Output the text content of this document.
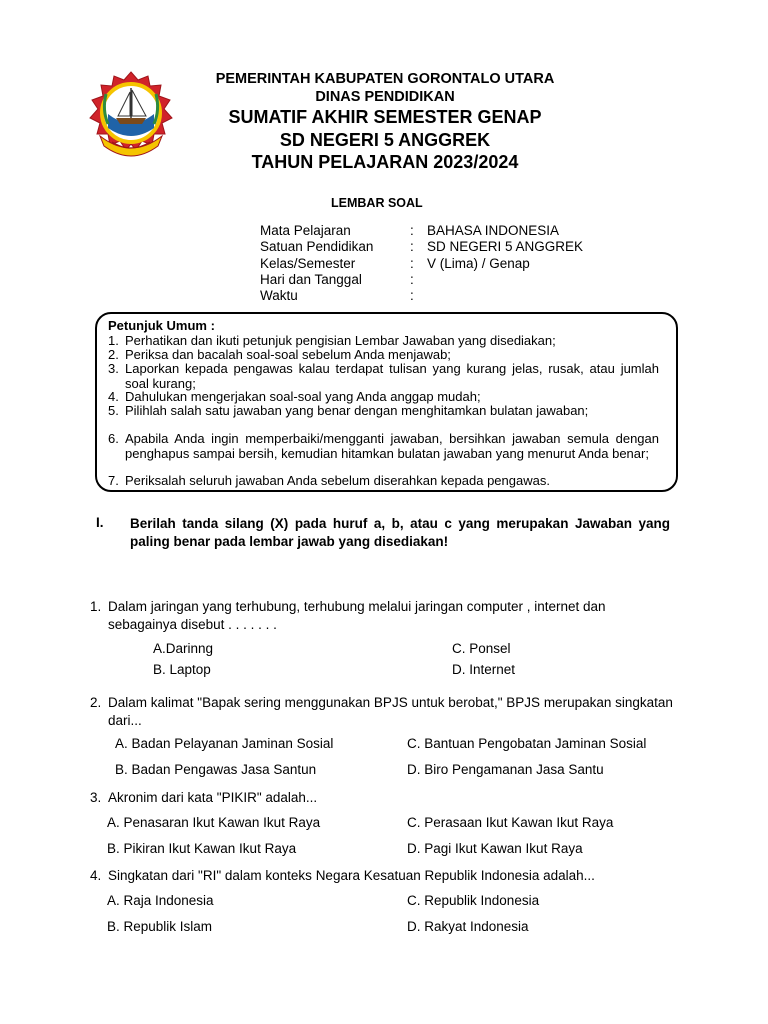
PEMERINTAH KABUPATEN GORONTALO UTARA
DINAS PENDIDIKAN
SUMATIF AKHIR SEMESTER GENAP
SD NEGERI 5 ANGGREK
TAHUN PELAJARAN 2023/2024
LEMBAR SOAL
Mata Pelajaran	: BAHASA INDONESIA
Satuan Pendidikan	: SD NEGERI 5 ANGGREK
Kelas/Semester	: V (Lima) / Genap
Hari dan Tanggal	:
Waktu	:
Petunjuk Umum :
1. Perhatikan dan ikuti petunjuk pengisian Lembar Jawaban yang disediakan;
2. Periksa dan bacalah soal-soal sebelum Anda menjawab;
3. Laporkan kepada pengawas kalau terdapat tulisan yang kurang jelas, rusak, atau jumlah soal kurang;
4. Dahulukan mengerjakan soal-soal yang Anda anggap mudah;
5. Pilihlah salah satu jawaban yang benar dengan menghitamkan bulatan jawaban;
6. Apabila Anda ingin memperbaiki/mengganti jawaban, bersihkan jawaban semula dengan penghapus sampai bersih, kemudian hitamkan bulatan jawaban yang menurut Anda benar;
7. Periksalah seluruh jawaban Anda sebelum diserahkan kepada pengawas.
I. Berilah tanda silang (X) pada huruf a, b, atau c yang merupakan Jawaban yang paling benar pada lembar jawab yang disediakan!
1. Dalam jaringan yang terhubung, terhubung melalui jaringan computer , internet dan sebagainya disebut . . . . . . .
A.Darinng	C. Ponsel
B. Laptop	D. Internet
2. Dalam kalimat "Bapak sering menggunakan BPJS untuk berobat," BPJS merupakan singkatan dari...
A. Badan Pelayanan Jaminan Sosial	C. Bantuan Pengobatan Jaminan Sosial
B. Badan Pengawas Jasa Santun	D. Biro Pengamanan Jasa Santu
3. Akronim dari kata "PIKIR" adalah...
A. Penasaran Ikut Kawan Ikut Raya	C. Perasaan Ikut Kawan Ikut Raya
B. Pikiran Ikut Kawan Ikut Raya	D. Pagi Ikut Kawan Ikut Raya
4. Singkatan dari "RI" dalam konteks Negara Kesatuan Republik Indonesia adalah...
A. Raja Indonesia	C. Republik Indonesia
B. Republik Islam	D. Rakyat Indonesia
